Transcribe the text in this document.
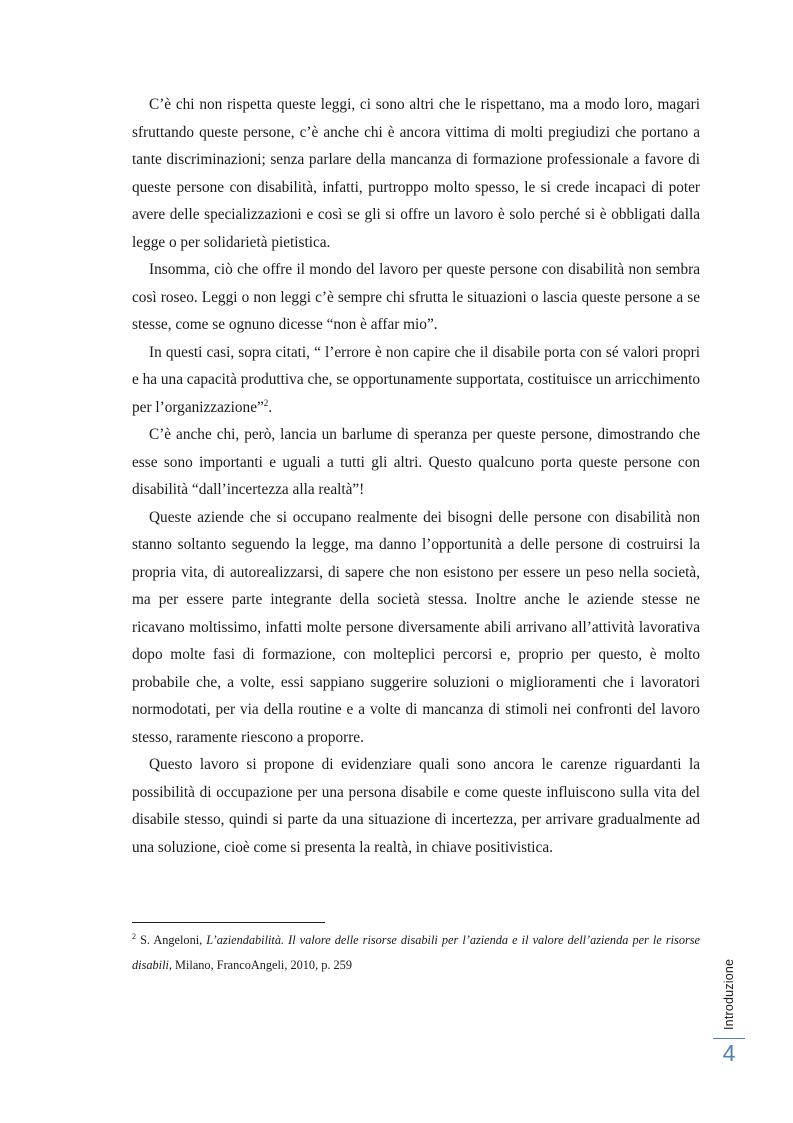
C’è chi non rispetta queste leggi, ci sono altri che le rispettano, ma a modo loro, magari sfruttando queste persone, c’è anche chi è ancora vittima di molti pregiudizi che portano a tante discriminazioni; senza parlare della mancanza di formazione professionale a favore di queste persone con disabilità, infatti, purtroppo molto spesso, le si crede incapaci di poter avere delle specializzazioni e così se gli si offre un lavoro è solo perché si è obbligati dalla legge o per solidarietà pietistica.

Insomma, ciò che offre il mondo del lavoro per queste persone con disabilità non sembra così roseo. Leggi o non leggi c’è sempre chi sfrutta le situazioni o lascia queste persone a se stesse, come se ognuno dicesse “non è affar mio”.

In questi casi, sopra citati, “ l’errore è non capire che il disabile porta con sé valori propri e ha una capacità produttiva che, se opportunamente supportata, costituisce un arricchimento per l’organizzazione”$^2$.

C’è anche chi, però, lancia un barlume di speranza per queste persone, dimostrando che esse sono importanti e uguali a tutti gli altri. Questo qualcuno porta queste persone con disabilità “dall’incertezza alla realtà”!

Queste aziende che si occupano realmente dei bisogni delle persone con disabilità non stanno soltanto seguendo la legge, ma danno l’opportunità a delle persone di costruirsi la propria vita, di autorealizzarsi, di sapere che non esistono per essere un peso nella società, ma per essere parte integrante della società stessa. Inoltre anche le aziende stesse ne ricavano moltissimo, infatti molte persone diversamente abili arrivano all’attività lavorativa dopo molte fasi di formazione, con molteplici percorsi e, proprio per questo, è molto probabile che, a volte, essi sappiano suggerire soluzioni o miglioramenti che i lavoratori normodotati, per via della routine e a volte di mancanza di stimoli nei confronti del lavoro stesso, raramente riescono a proporre.

Questo lavoro si propone di evidenziare quali sono ancora le carenze riguardanti la possibilità di occupazione per una persona disabile e come queste influiscono sulla vita del disabile stesso, quindi si parte da una situazione di incertezza, per arrivare gradualmente ad una soluzione, cioè come si presenta la realtà, in chiave positivistica.

$^2$ S. Angeloni, L’aziendabilità. Il valore delle risorse disabili per l’azienda e il valore dell’azienda per le risorse disabili, Milano, FrancoAngeli, 2010, p. 259	Introduzione
4
